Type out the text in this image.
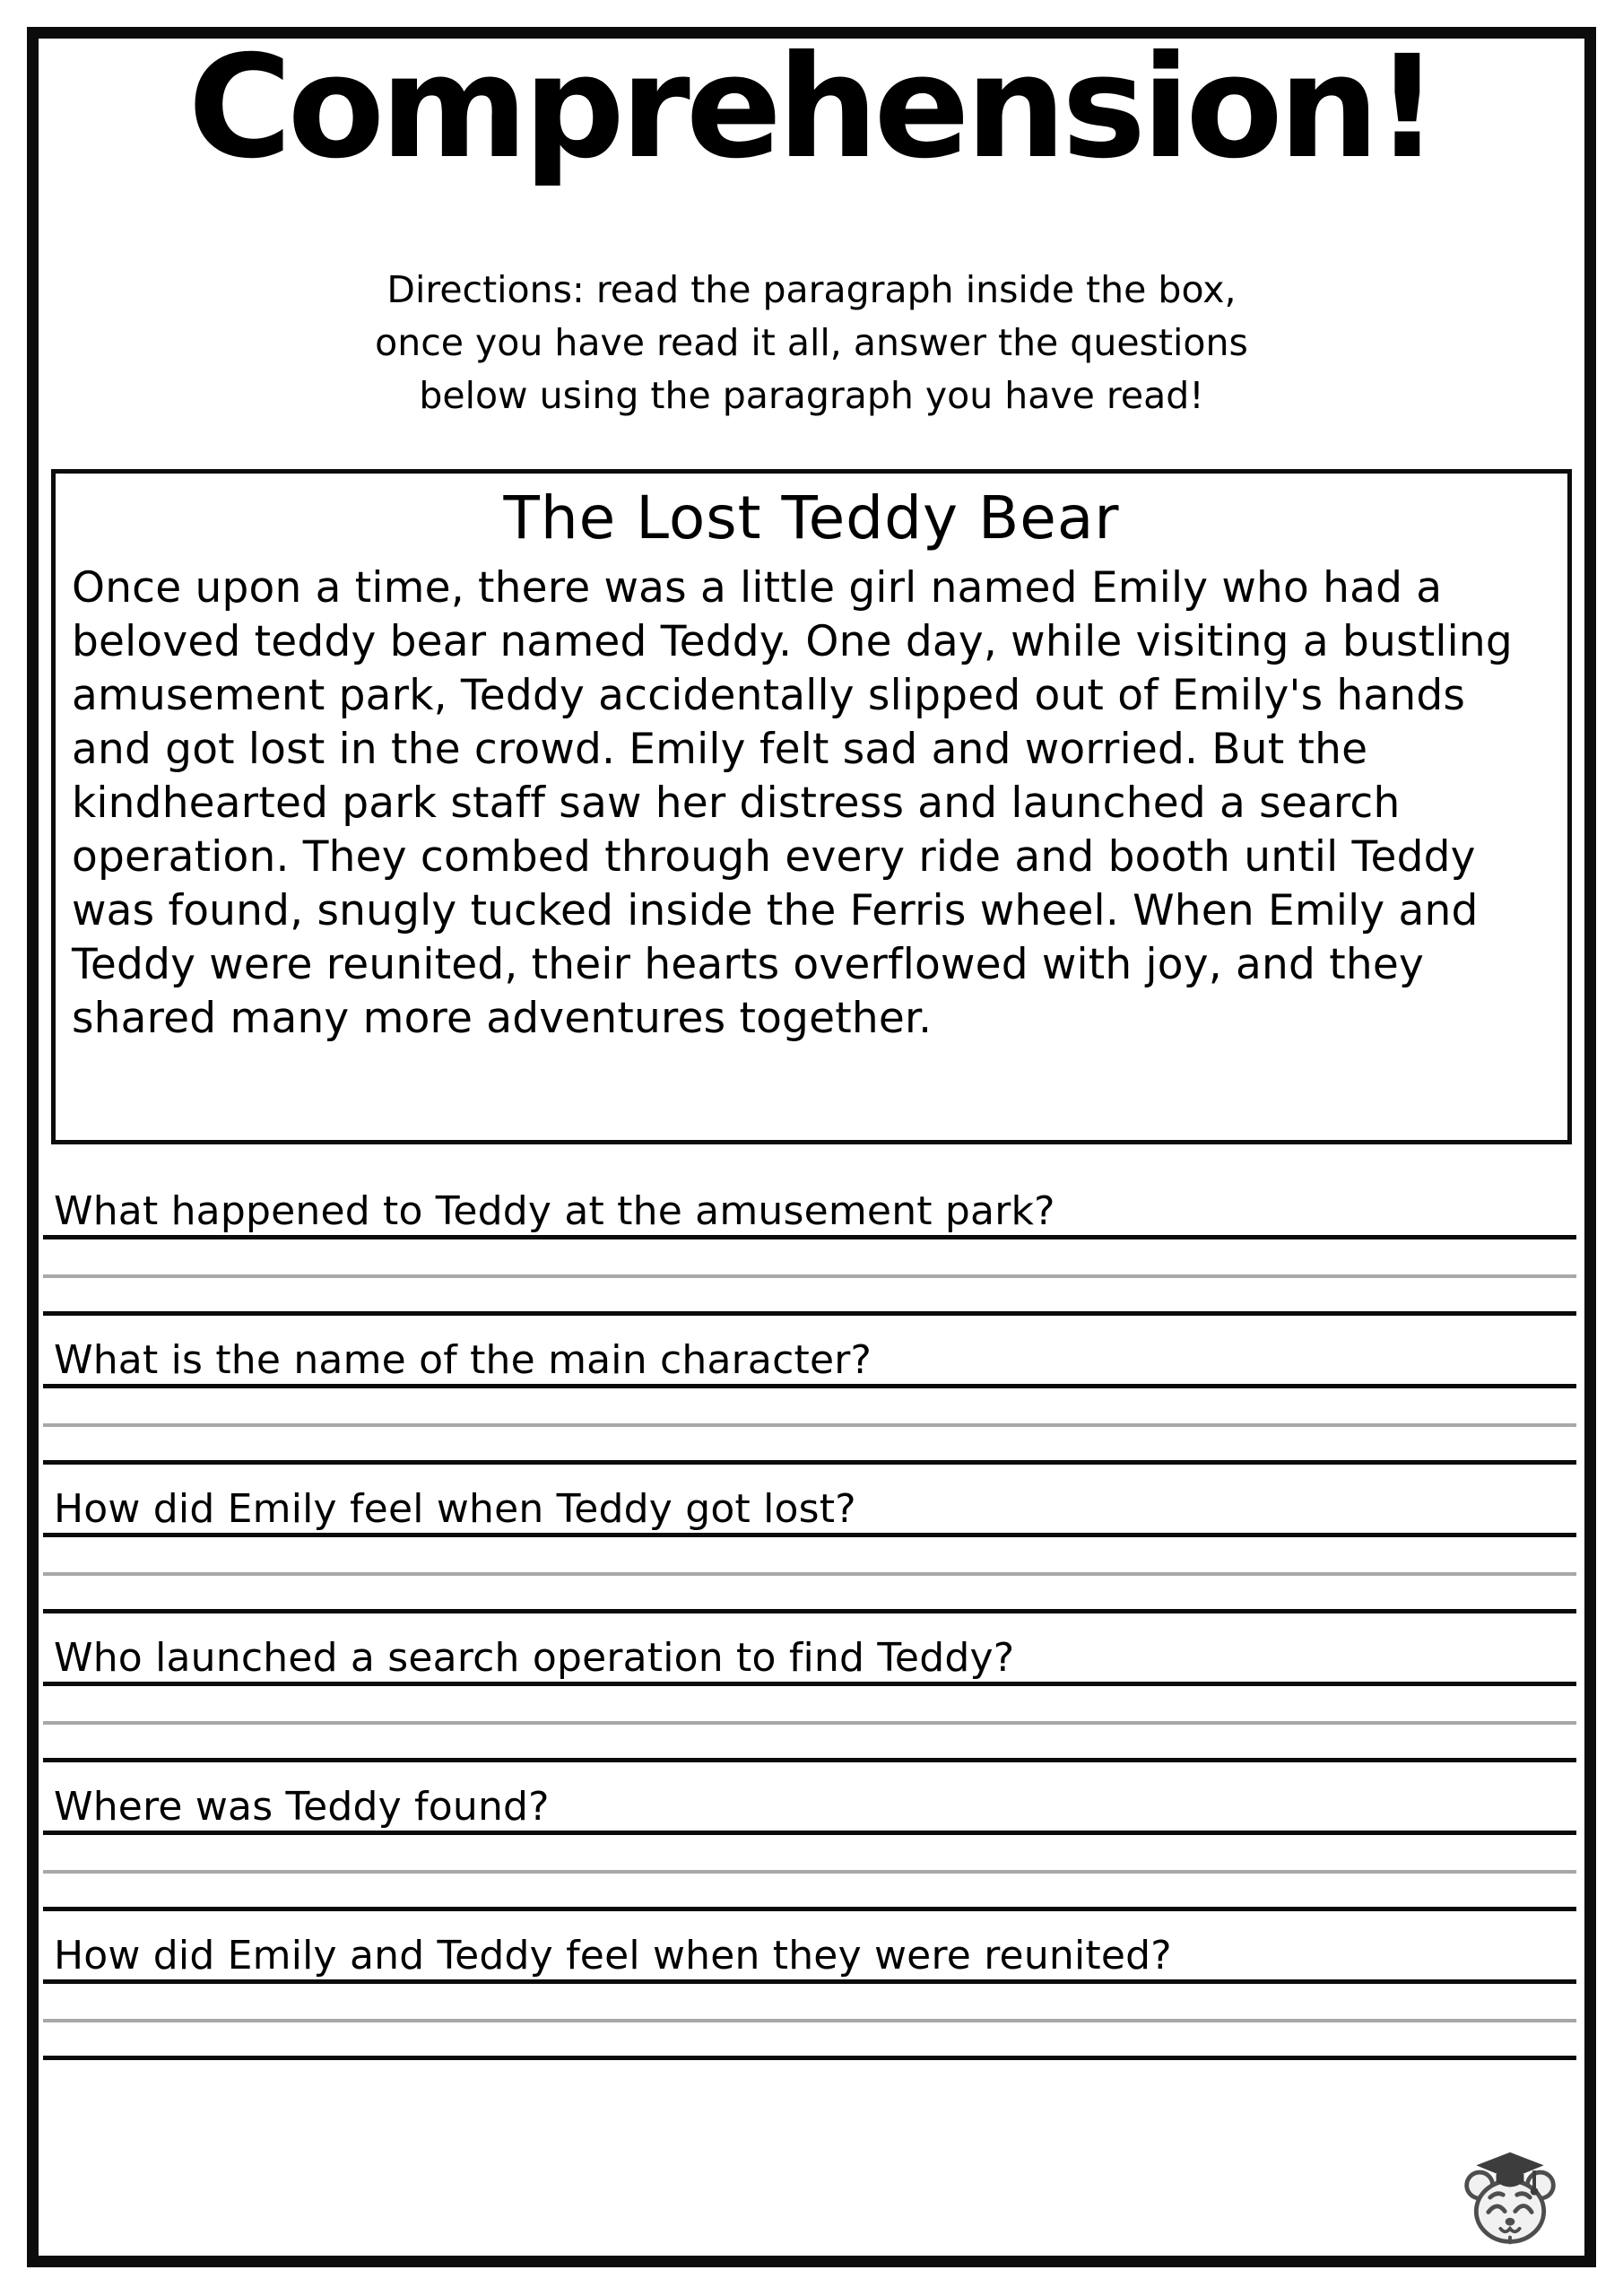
Comprehension!
Directions: read the paragraph inside the box,
once you have read it all, answer the questions
below using the paragraph you have read!
The Lost Teddy Bear

Once upon a time, there was a little girl named Emily who had a beloved teddy bear named Teddy. One day, while visiting a bustling amusement park, Teddy accidentally slipped out of Emily's hands and got lost in the crowd. Emily felt sad and worried. But the kindhearted park staff saw her distress and launched a search operation. They combed through every ride and booth until Teddy was found, snugly tucked inside the Ferris wheel. When Emily and Teddy were reunited, their hearts overflowed with joy, and they shared many more adventures together.

What happened to Teddy at the amusement park?
What is the name of the main character?
How did Emily feel when Teddy got lost?
Who launched a search operation to find Teddy?
Where was Teddy found?
How did Emily and Teddy feel when they were reunited?
